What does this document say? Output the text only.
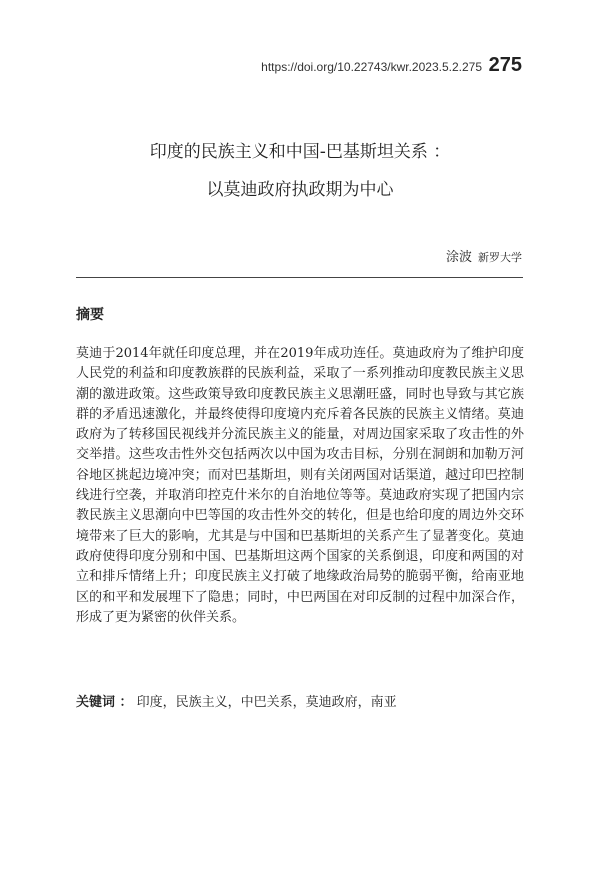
https://doi.org/10.22743/kwr.2023.5.2.275 275
印度的民族主义和中国-巴基斯坦关系 ：
以莫迪政府执政期为中心
涂波 新罗大学
摘要

莫迪于2014年就任印度总理，并在2019年成功连任。莫迪政府为了维护印度人民党的利益和印度教族群的民族利益，采取了一系列推动印度教民族主义思潮的激进政策。这些政策导致印度教民族主义思潮旺盛，同时也导致与其它族群的矛盾迅速激化，并最终使得印度境内充斥着各民族的民族主义情绪。莫迪政府为了转移国民视线并分流民族主义的能量，对周边国家采取了攻击性的外交举措。这些攻击性外交包括两次以中国为攻击目标，分别在洞朗和加勒万河谷地区挑起边境冲突；而对巴基斯坦，则有关闭两国对话渠道，越过印巴控制线进行空袭，并取消印控克什米尔的自治地位等等。莫迪政府实现了把国内宗教民族主义思潮向中巴等国的攻击性外交的转化，但是也给印度的周边外交环境带来了巨大的影响，尤其是与中国和巴基斯坦的关系产生了显著变化。莫迪政府使得印度分别和中国、巴基斯坦这两个国家的关系倒退，印度和两国的对立和排斥情绪上升；印度民族主义打破了地缘政治局势的脆弱平衡，给南亚地区的和平和发展埋下了隐患；同时，中巴两国在对印反制的过程中加深合作，形成了更为紧密的伙伴关系。

关键词 ： 印度，民族主义，中巴关系，莫迪政府，南亚
